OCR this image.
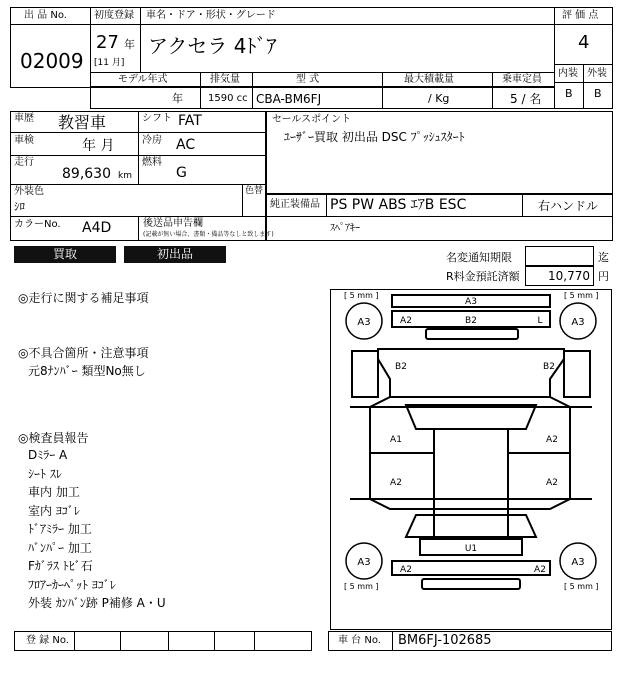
出 品 No.
02009
初度登録 車名・ドア・形状・グレード
27 年
[11 月]
アクセラ 4ﾄﾞｱ
モデル年式	排気量	型 式	最大積載量	乗車定員
年	1590 cc CBA-BM6FJ	/ Kg	5 / 名
評 価 点
4
内装 外装
B B
車歴 教習車	シフト FAT
車検	年 月	冷房 AC
走行
89,630 km
燃料
G
外装色
ｼﾛ
色替
カラーNo. A4D	後送品申告欄
(記載が無い場合、書類・備品等なしと致します)
セールスポイント
ﾕｰｻﾞｰ買取 初出品 DSC ﾌﾟｯｼｭｽﾀｰﾄ
純正装備品 PS PW ABS ｴｱB ESC	右ハンドル
ｽﾍﾟｱｷｰ
買取	初出品	名変通知期限	迄
R料金預託済額 10,770 円
◎走行に関する補足事項
◎不具合箇所・注意事項
元8ﾅﾝﾊﾞｰ 類型No無し
◎検査員報告
Dﾐﾗｰ A
ｼｰﾄ ｽﾚ
車内 加工
室内 ﾖｺﾞﾚ
ﾄﾞｱﾐﾗｰ 加工
ﾊﾞﾝﾊﾟｰ 加工
Fｶﾞﾗｽ ﾄﾋﾞ石
ﾌﾛｱｰｶｰﾍﾟｯﾄ ﾖｺﾞﾚ
外装 ｶﾝﾊﾞﾝ跡 P補修 A・U
[ 5 mm ]	[ 5 mm ]
[ 5 mm ]	[ 5 mm ]
A3	A3
A3	A3
A3
A2	B2	L
B2	B2
A1	A2
A2	A2
U1
A2	A2
登 録 No.	車 台 No. BM6FJ-102685
